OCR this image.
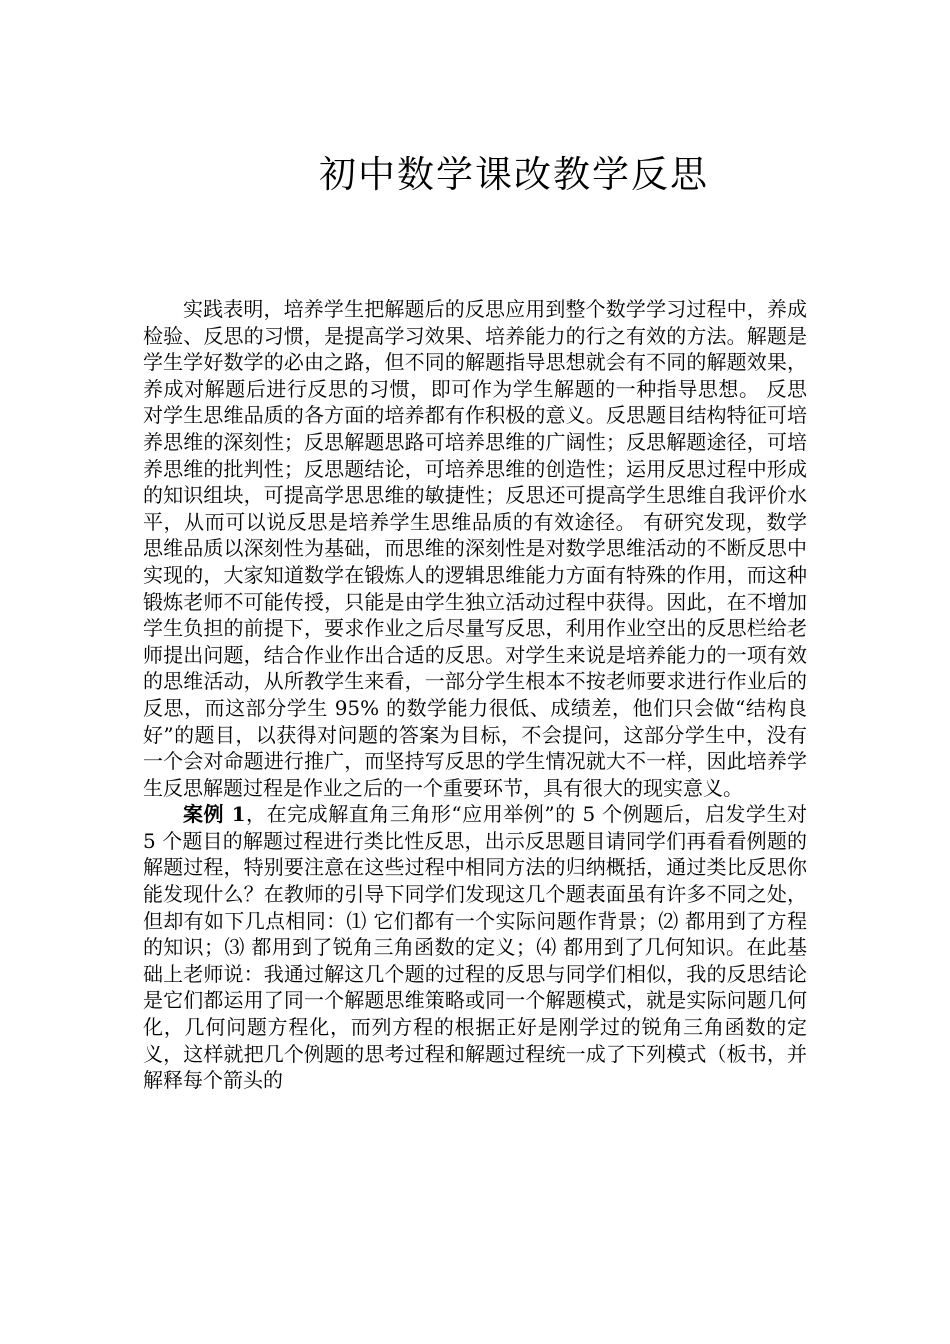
初中数学课改教学反思

实践表明，培养学生把解题后的反思应用到整个数学学习过程中，养成检验、反思的习惯，是提高学习效果、培养能力的行之有效的方法。解题是学生学好数学的必由之路，但不同的解题指导思想就会有不同的解题效果，养成对解题后进行反思的习惯，即可作为学生解题的一种指导思想。 反思对学生思维品质的各方面的培养都有作积极的意义。反思题目结构特征可培养思维的深刻性；反思解题思路可培养思维的广阔性；反思解题途径，可培养思维的批判性；反思题结论，可培养思维的创造性；运用反思过程中形成的知识组块，可提高学思思维的敏捷性；反思还可提高学生思维自我评价水平，从而可以说反思是培养学生思维品质的有效途径。 有研究发现，数学思维品质以深刻性为基础，而思维的深刻性是对数学思维活动的不断反思中实现的，大家知道数学在锻炼人的逻辑思维能力方面有特殊的作用，而这种锻炼老师不可能传授，只能是由学生独立活动过程中获得。因此，在不增加学生负担的前提下，要求作业之后尽量写反思，利用作业空出的反思栏给老师提出问题，结合作业作出合适的反思。对学生来说是培养能力的一项有效的思维活动，从所教学生来看，一部分学生根本不按老师要求进行作业后的反思，而这部分学生 95% 的数学能力很低、成绩差，他们只会做“结构良好”的题目，以获得对问题的答案为目标，不会提问，这部分学生中，没有一个会对命题进行推广，而坚持写反思的学生情况就大不一样，因此培养学生反思解题过程是作业之后的一个重要环节，具有很大的现实意义。

案例 1，在完成解直角三角形“应用举例”的 5 个例题后，启发学生对 5 个题目的解题过程进行类比性反思，出示反思题目请同学们再看看例题的解题过程，特别要注意在这些过程中相同方法的归纳概括，通过类比反思你能发现什么？在教师的引导下同学们发现这几个题表面虽有许多不同之处，但却有如下几点相同：⑴ 它们都有一个实际问题作背景；⑵ 都用到了方程的知识；⑶ 都用到了锐角三角函数的定义；⑷ 都用到了几何知识。在此基础上老师说：我通过解这几个题的过程的反思与同学们相似，我的反思结论是它们都运用了同一个解题思维策略或同一个解题模式，就是实际问题几何化，几何问题方程化，而列方程的根据正好是刚学过的锐角三角函数的定义，这样就把几个例题的思考过程和解题过程统一成了下列模式（板书，并解释每个箭头的
